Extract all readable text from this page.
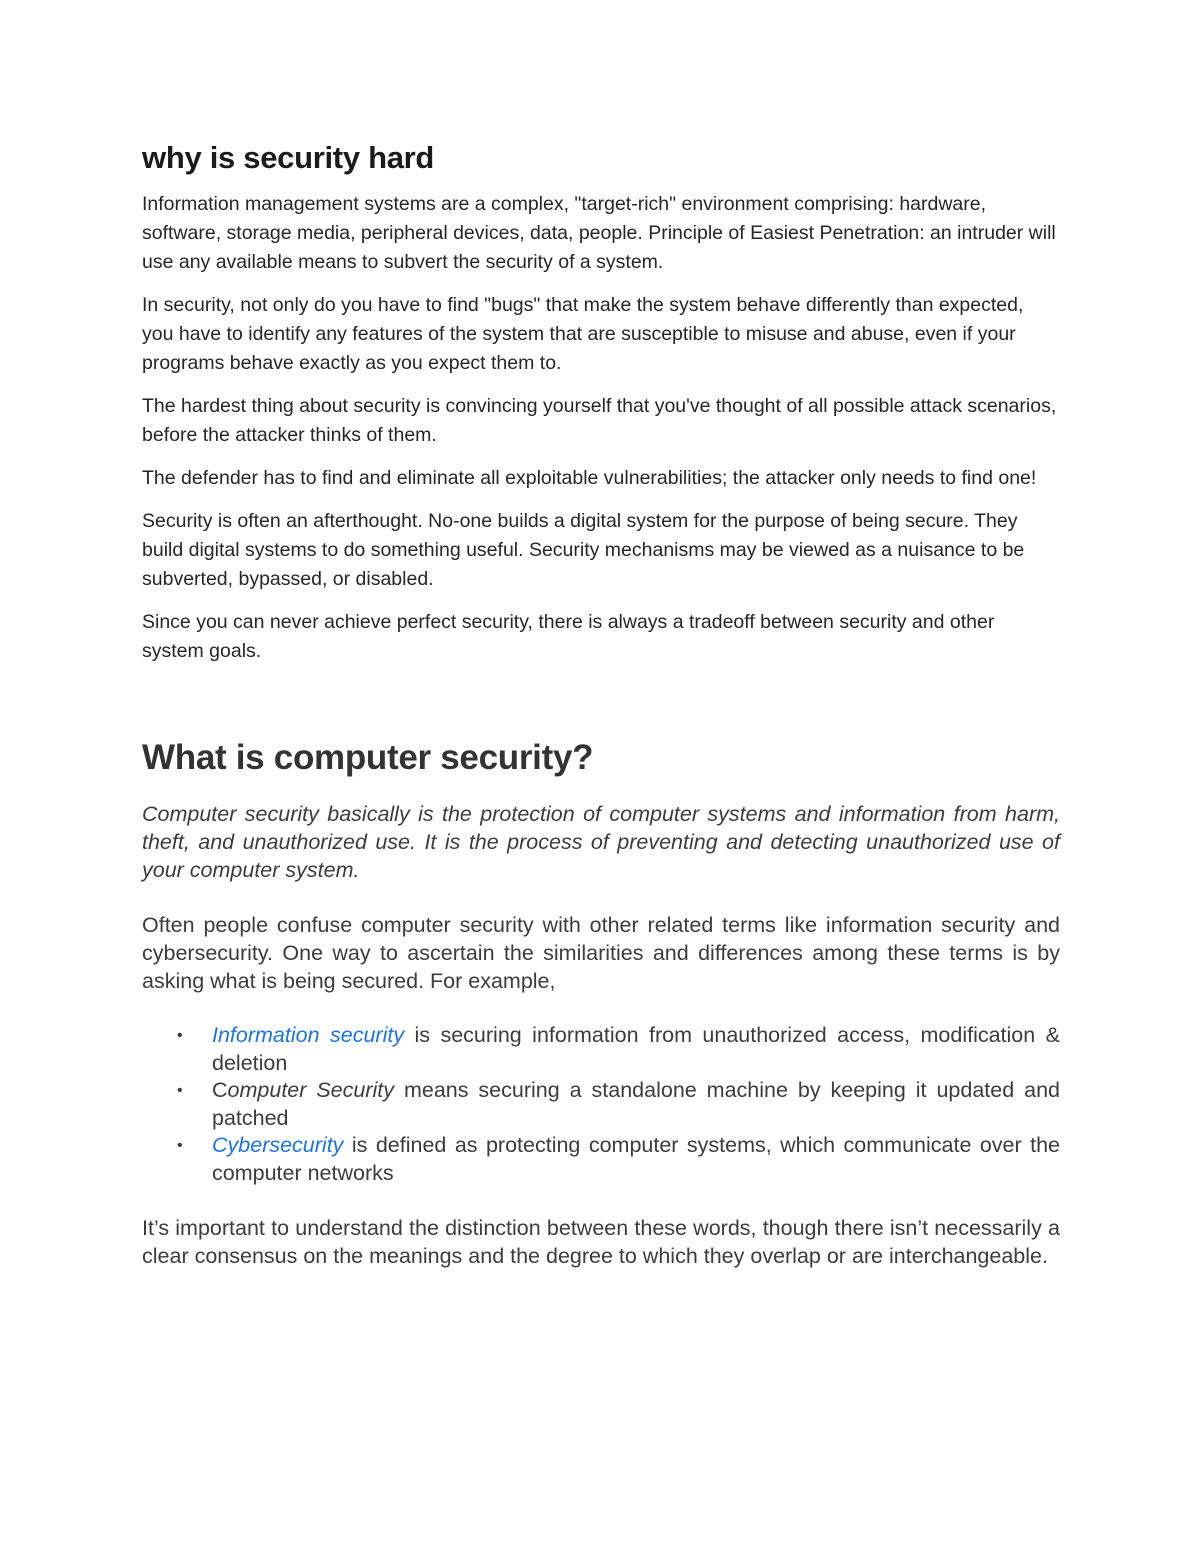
why is security hard

Information management systems are a complex, "target-rich" environment comprising: hardware, software, storage media, peripheral devices, data, people. Principle of Easiest Penetration: an intruder will use any available means to subvert the security of a system.

In security, not only do you have to find "bugs" that make the system behave differently than expected, you have to identify any features of the system that are susceptible to misuse and abuse, even if your programs behave exactly as you expect them to.

The hardest thing about security is convincing yourself that you've thought of all possible attack scenarios, before the attacker thinks of them.

The defender has to find and eliminate all exploitable vulnerabilities; the attacker only needs to find one!

Security is often an afterthought. No-one builds a digital system for the purpose of being secure. They build digital systems to do something useful. Security mechanisms may be viewed as a nuisance to be subverted, bypassed, or disabled.

Since you can never achieve perfect security, there is always a tradeoff between security and other system goals.

What is computer security?

Computer security basically is the protection of computer systems and information from harm, theft, and unauthorized use. It is the process of preventing and detecting unauthorized use of your computer system.

Often people confuse computer security with other related terms like information security and cybersecurity. One way to ascertain the similarities and differences among these terms is by asking what is being secured. For example,

• Information security is securing information from unauthorized access, modification & deletion
• Computer Security means securing a standalone machine by keeping it updated and patched
• Cybersecurity is defined as protecting computer systems, which communicate over the computer networks

It’s important to understand the distinction between these words, though there isn’t necessarily a clear consensus on the meanings and the degree to which they overlap or are interchangeable.
